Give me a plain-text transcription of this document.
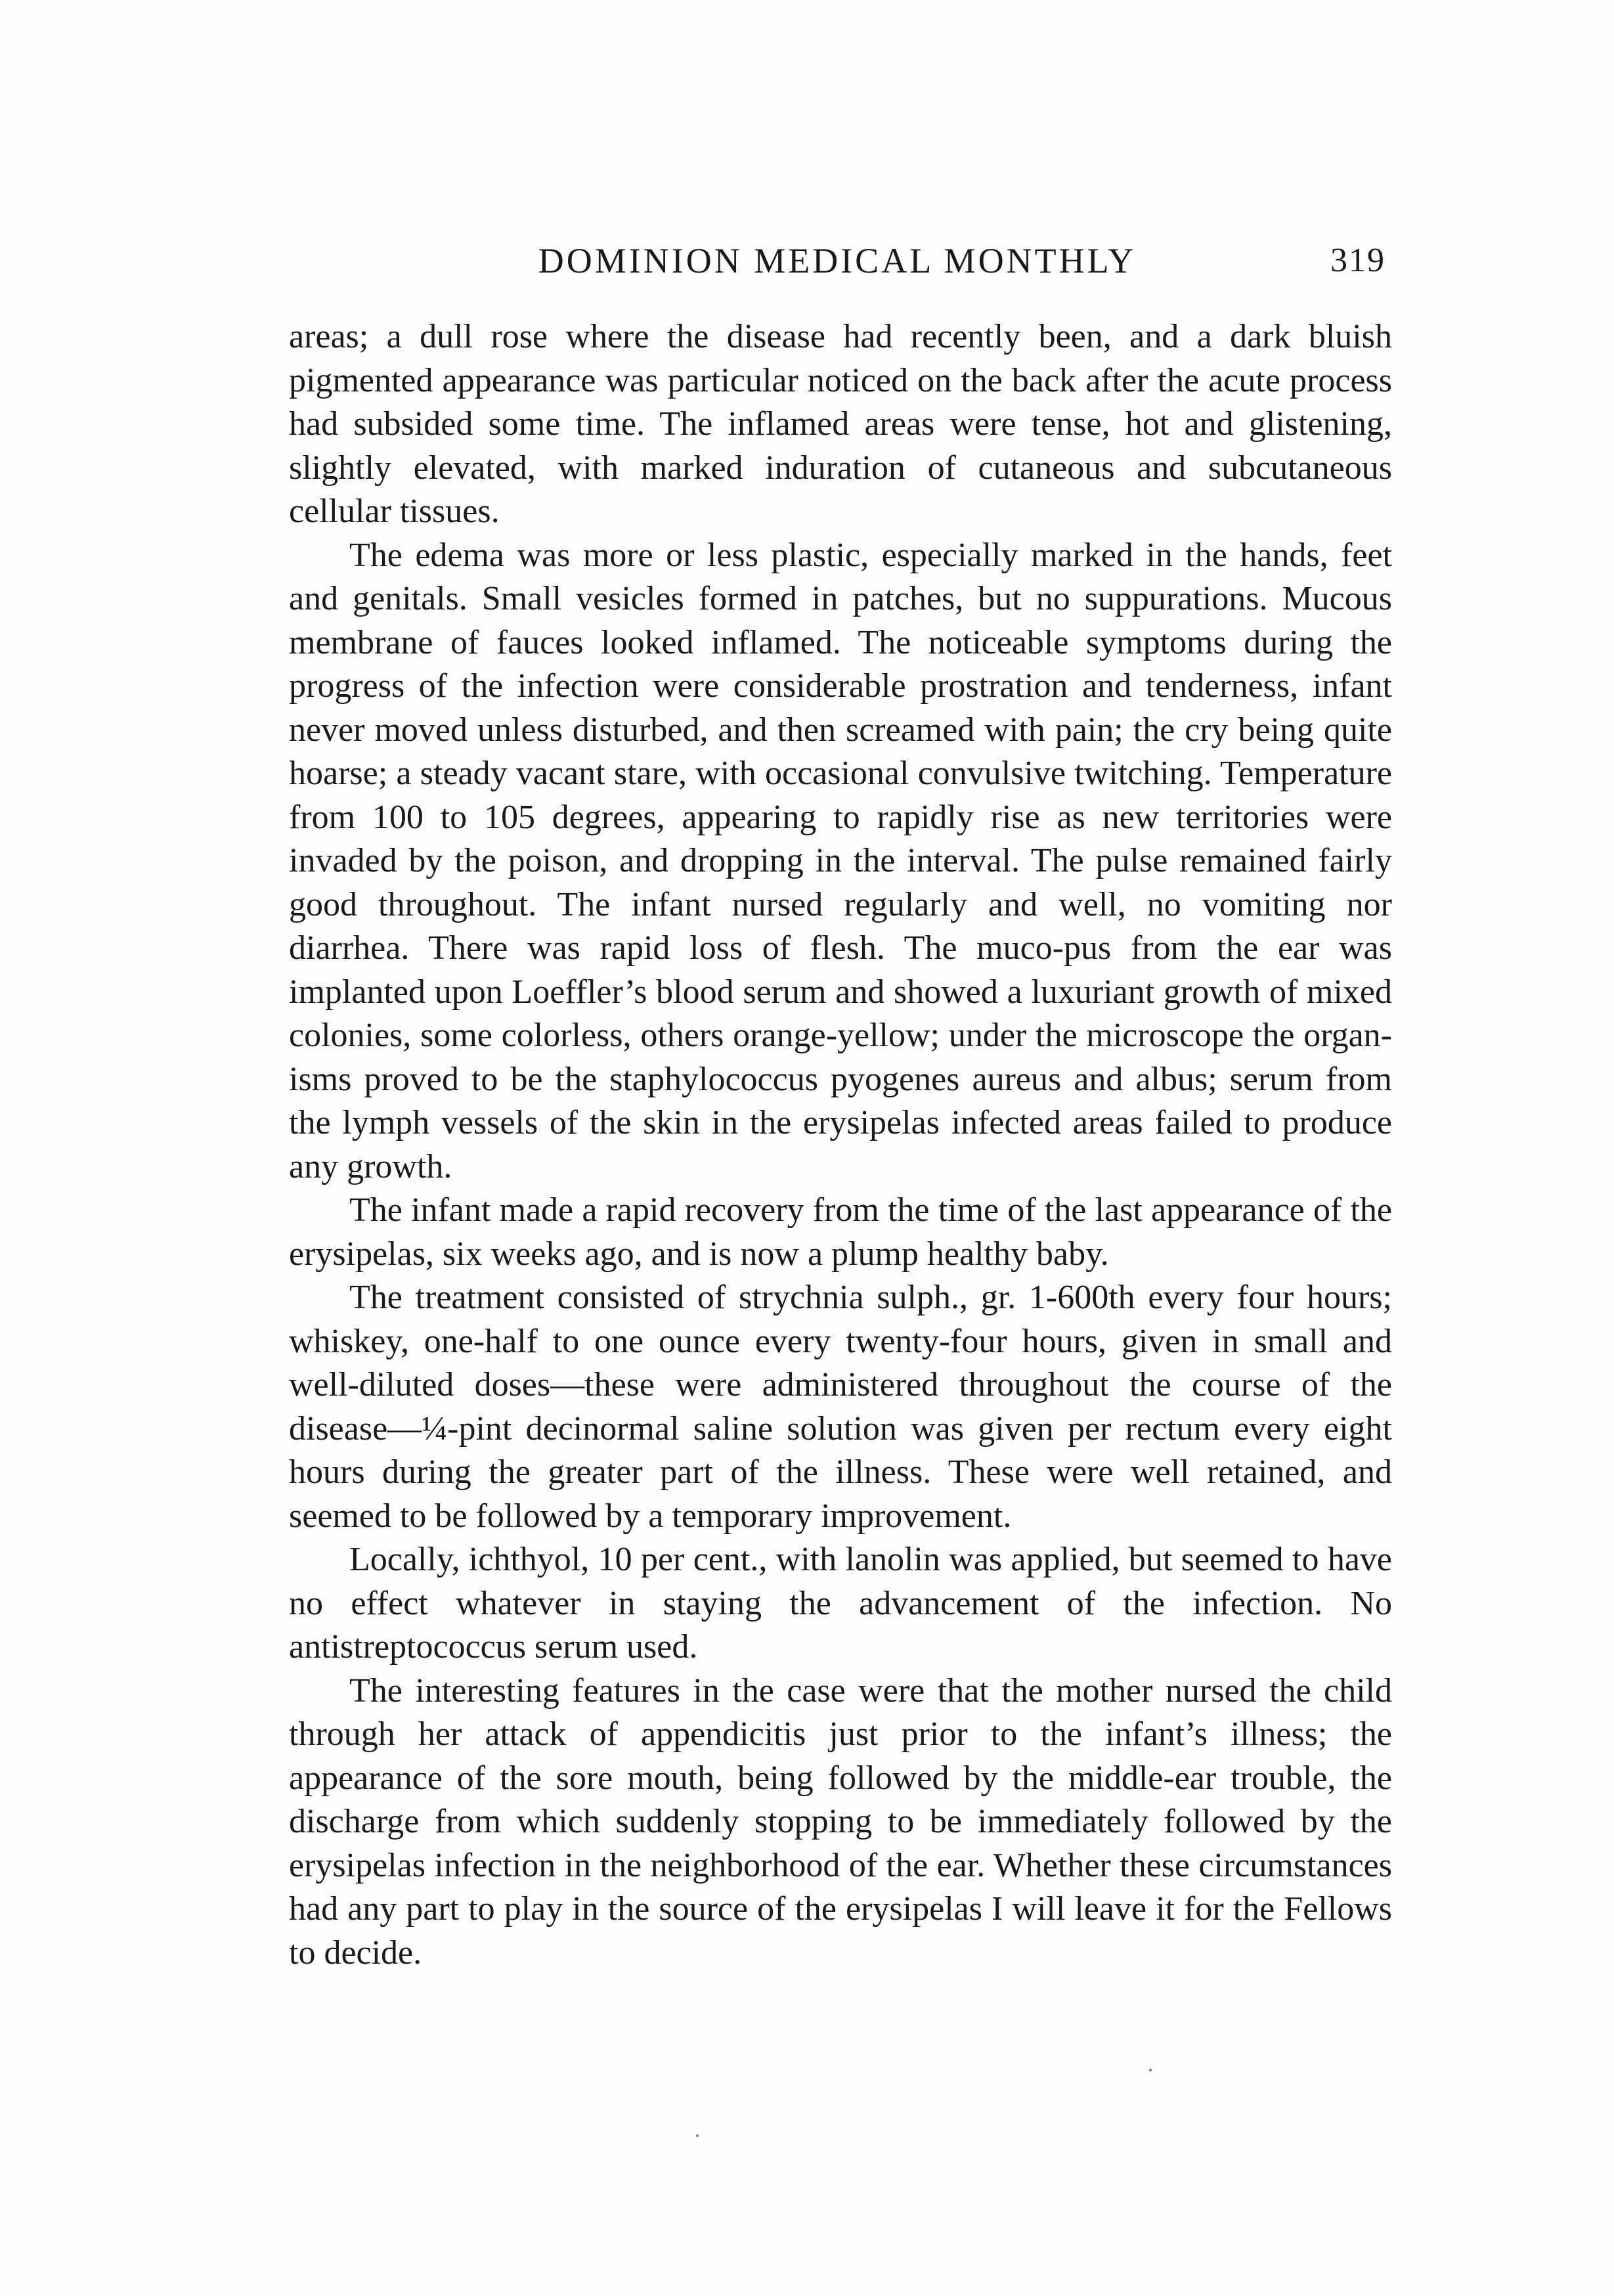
DOMINION MEDICAL MONTHLY	319

areas; a dull rose where the disease had recently been, and a dark bluish pigmented appearance was particular noticed on the back after the acute process had subsided some time. The inflamed areas were tense, hot and glistening, slightly elevated, with marked induration of cutaneous and subcutaneous cellular tissues.

The edema was more or less plastic, especially marked in the hands, feet and genitals. Small vesicles formed in patches, but no suppurations. Mucous membrane of fauces looked inflamed. The noticeable symptoms during the progress of the infection were considerable prostration and tenderness, infant never moved unless disturbed, and then screamed with pain; the cry being quite hoarse; a steady vacant stare, with occasional convulsive twitching. Temperature from 100 to 105 degrees, appearing to rapidly rise as new territories were invaded by the poison, and dropping in the interval. The pulse remained fairly good throughout. The infant nursed regularly and well, no vomiting nor diarrhea. There was rapid loss of flesh. The muco-pus from the ear was implanted upon Loeffler’s blood serum and showed a luxuriant growth of mixed colonies, some colorless, others orange-yellow; under the microscope the organisms proved to be the staphylococcus pyogenes aureus and albus; serum from the lymph vessels of the skin in the erysipelas infected areas failed to produce any growth.

The infant made a rapid recovery from the time of the last appearance of the erysipelas, six weeks ago, and is now a plump healthy baby.

The treatment consisted of strychnia sulph., gr. 1-600th every four hours; whiskey, one-half to one ounce every twenty-four hours, given in small and well-diluted doses—these were administered throughout the course of the disease—¼-pint decinormal saline solution was given per rectum every eight hours during the greater part of the illness. These were well retained, and seemed to be followed by a temporary improvement.

Locally, ichthyol, 10 per cent., with lanolin was applied, but seemed to have no effect whatever in staying the advancement of the infection. No antistreptococcus serum used.

The interesting features in the case were that the mother nursed the child through her attack of appendicitis just prior to the infant’s illness; the appearance of the sore mouth, being followed by the middle-ear trouble, the discharge from which suddenly stopping to be immediately followed by the erysipelas infection in the neighborhood of the ear. Whether these circumstances had any part to play in the source of the erysipelas I will leave it for the Fellows to decide.
